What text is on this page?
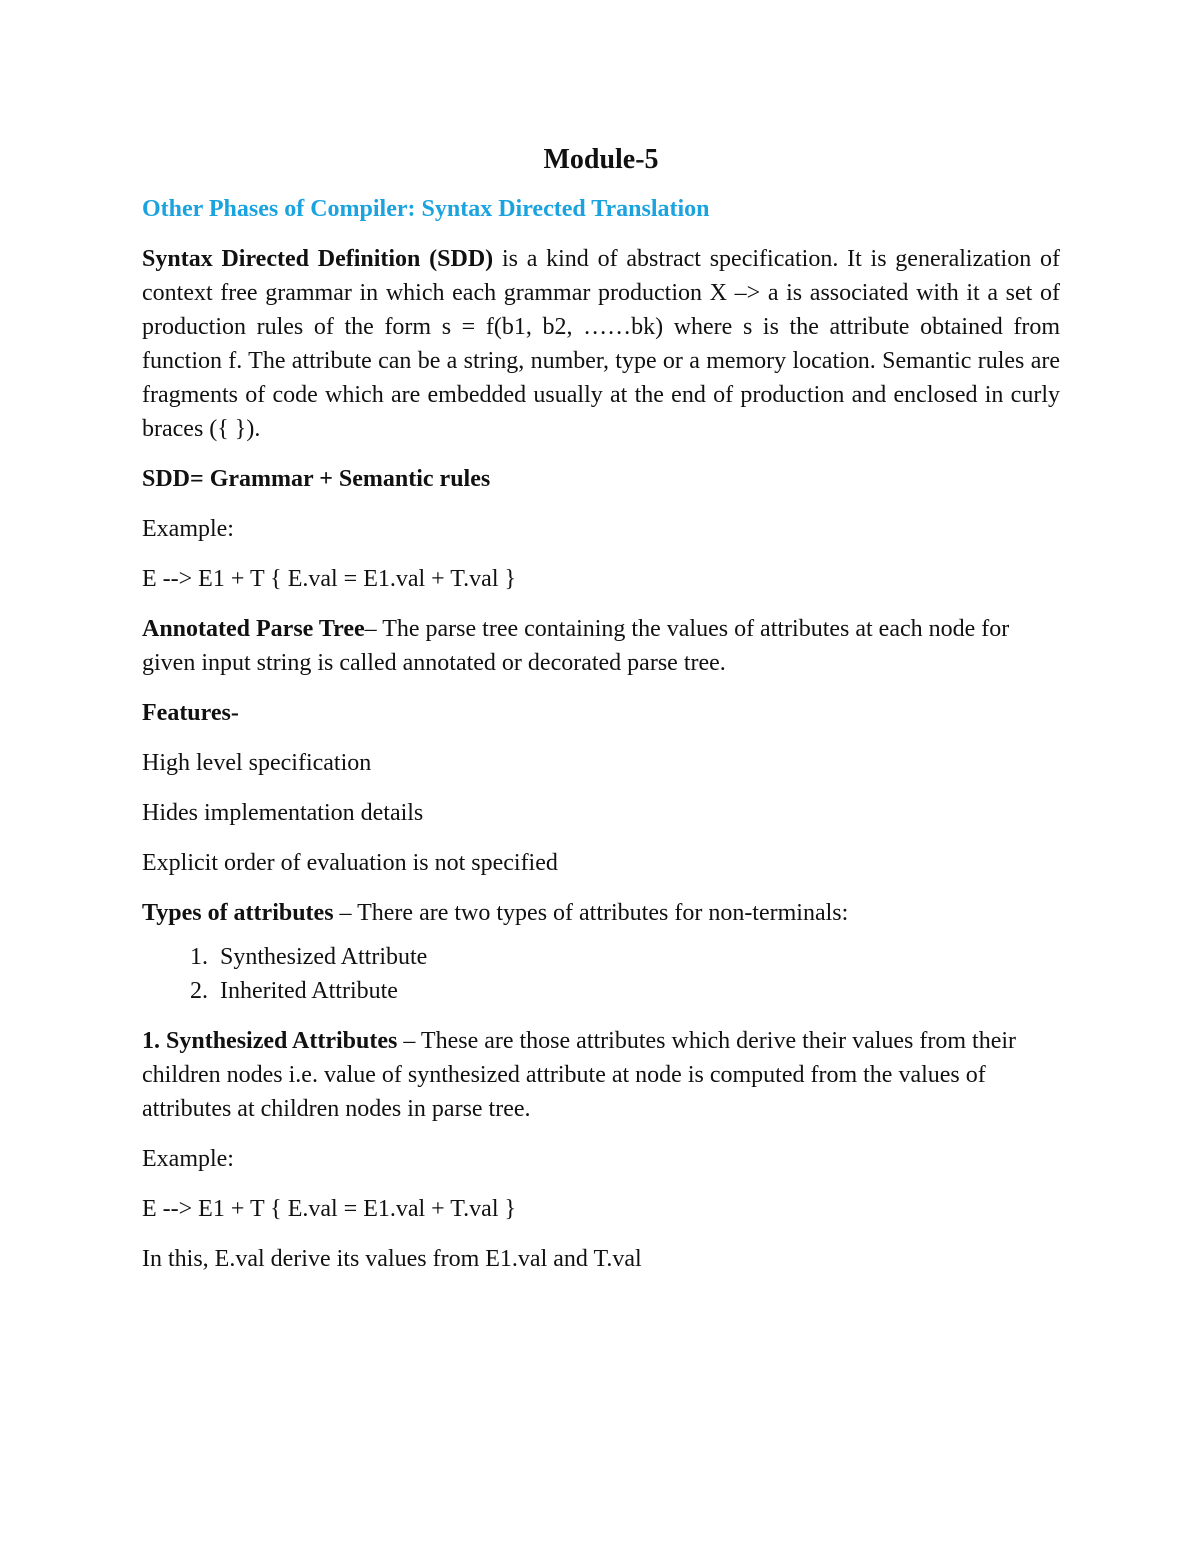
Module-5
Other Phases of Compiler: Syntax Directed Translation

Syntax Directed Definition (SDD) is a kind of abstract specification. It is generalization of context free grammar in which each grammar production X –> a is associated with it a set of production rules of the form s = f(b1, b2, ……bk) where s is the attribute obtained from function f. The attribute can be a string, number, type or a memory location. Semantic rules are fragments of code which are embedded usually at the end of production and enclosed in curly braces ({ }).

SDD= Grammar + Semantic rules

Example:

E --> E1 + T { E.val = E1.val + T.val }

Annotated Parse Tree– The parse tree containing the values of attributes at each node for given input string is called annotated or decorated parse tree.

Features-

High level specification

Hides implementation details

Explicit order of evaluation is not specified

Types of attributes – There are two types of attributes for non-terminals:

1. Synthesized Attribute
2. Inherited Attribute

1. Synthesized Attributes – These are those attributes which derive their values from their children nodes i.e. value of synthesized attribute at node is computed from the values of attributes at children nodes in parse tree.

Example:

E --> E1 + T { E.val = E1.val + T.val }

In this, E.val derive its values from E1.val and T.val
